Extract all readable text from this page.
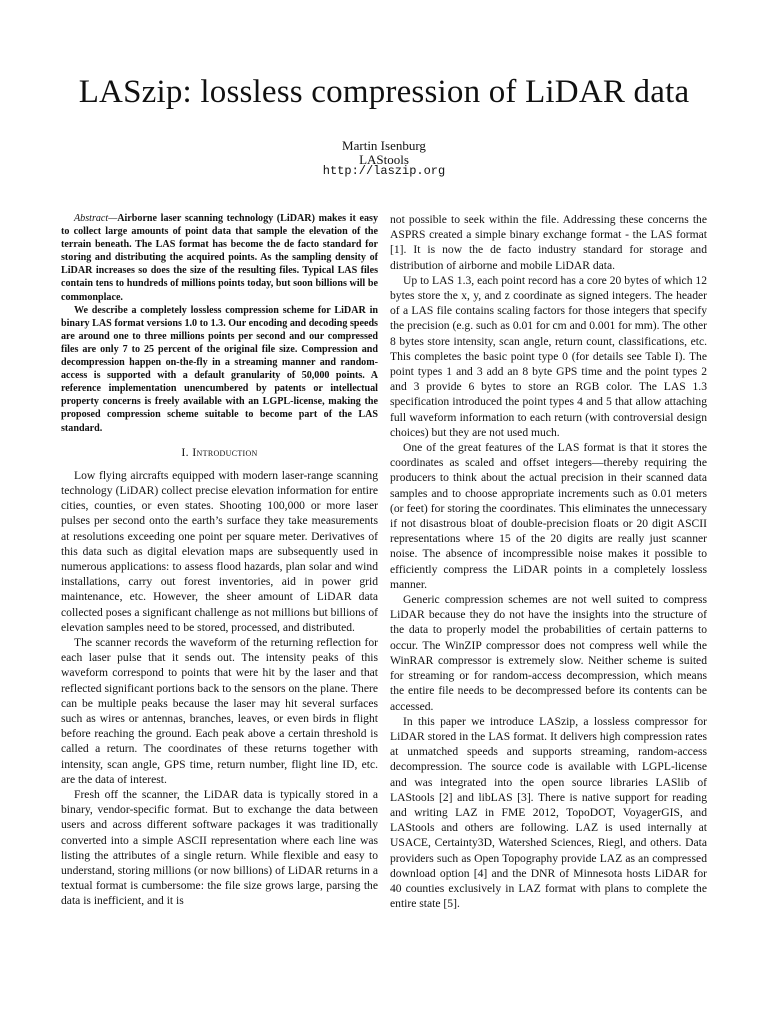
LASzip: lossless compression of LiDAR data
Martin Isenburg
LAStools
http://laszip.org

Abstract—Airborne laser scanning technology (LiDAR) makes it easy to collect large amounts of point data that sample the elevation of the terrain beneath. The LAS format has become the de facto standard for storing and distributing the acquired points. As the sampling density of LiDAR increases so does the size of the resulting files. Typical LAS files contain tens to hundreds of millions points today, but soon billions will be commonplace.

We describe a completely lossless compression scheme for LiDAR in binary LAS format versions 1.0 to 1.3. Our encoding and decoding speeds are around one to three millions points per second and our compressed files are only 7 to 25 percent of the original file size. Compression and decompression happen on-the-fly in a streaming manner and random-access is supported with a default granularity of 50,000 points. A reference implementation unencumbered by patents or intellectual property concerns is freely available with an LGPL-license, making the proposed compression scheme suitable to become part of the LAS standard.

I. Introduction

Low flying aircrafts equipped with modern laser-range scanning technology (LiDAR) collect precise elevation information for entire cities, counties, or even states. Shooting 100,000 or more laser pulses per second onto the earth’s surface they take measurements at resolutions exceeding one point per square meter. Derivatives of this data such as digital elevation maps are subsequently used in numerous applications: to assess flood hazards, plan solar and wind installations, carry out forest inventories, aid in power grid maintenance, etc. However, the sheer amount of LiDAR data collected poses a significant challenge as not millions but billions of elevation samples need to be stored, processed, and distributed.

The scanner records the waveform of the returning reflection for each laser pulse that it sends out. The intensity peaks of this waveform correspond to points that were hit by the laser and that reflected significant portions back to the sensors on the plane. There can be multiple peaks because the laser may hit several surfaces such as wires or antennas, branches, leaves, or even birds in flight before reaching the ground. Each peak above a certain threshold is called a return. The coordinates of these returns together with intensity, scan angle, GPS time, return number, flight line ID, etc. are the data of interest.

Fresh off the scanner, the LiDAR data is typically stored in a binary, vendor-specific format. But to exchange the data between users and across different software packages it was traditionally converted into a simple ASCII representation where each line was listing the attributes of a single return. While flexible and easy to understand, storing millions (or now billions) of LiDAR returns in a textual format is cumbersome: the file size grows large, parsing the data is inefficient, and it is

not possible to seek within the file. Addressing these concerns the ASPRS created a simple binary exchange format - the LAS format [1]. It is now the de facto industry standard for storage and distribution of airborne and mobile LiDAR data.

Up to LAS 1.3, each point record has a core 20 bytes of which 12 bytes store the x, y, and z coordinate as signed integers. The header of a LAS file contains scaling factors for those integers that specify the precision (e.g. such as 0.01 for cm and 0.001 for mm). The other 8 bytes store intensity, scan angle, return count, classifications, etc. This completes the basic point type 0 (for details see Table I). The point types 1 and 3 add an 8 byte GPS time and the point types 2 and 3 provide 6 bytes to store an RGB color. The LAS 1.3 specification introduced the point types 4 and 5 that allow attaching full waveform information to each return (with controversial design choices) but they are not used much.

One of the great features of the LAS format is that it stores the coordinates as scaled and offset integers—thereby requiring the producers to think about the actual precision in their scanned data samples and to choose appropriate increments such as 0.01 meters (or feet) for storing the coordinates. This eliminates the unnecessary if not disastrous bloat of double-precision floats or 20 digit ASCII representations where 15 of the 20 digits are really just scanner noise. The absence of incompressible noise makes it possible to efficiently compress the LiDAR points in a completely lossless manner.

Generic compression schemes are not well suited to compress LiDAR because they do not have the insights into the structure of the data to properly model the probabilities of certain patterns to occur. The WinZIP compressor does not compress well while the WinRAR compressor is extremely slow. Neither scheme is suited for streaming or for random-access decompression, which means the entire file needs to be decompressed before its contents can be accessed.

In this paper we introduce LASzip, a lossless compressor for LiDAR stored in the LAS format. It delivers high compression rates at unmatched speeds and supports streaming, random-access decompression. The source code is available with LGPL-license and was integrated into the open source libraries LASlib of LAStools [2] and libLAS [3]. There is native support for reading and writing LAZ in FME 2012, TopoDOT, VoyagerGIS, and LAStools and others are following. LAZ is used internally at USACE, Certainty3D, Watershed Sciences, Riegl, and others. Data providers such as Open Topography provide LAZ as an compressed download option [4] and the DNR of Minnesota hosts LiDAR for 40 counties exclusively in LAZ format with plans to complete the entire state [5].
